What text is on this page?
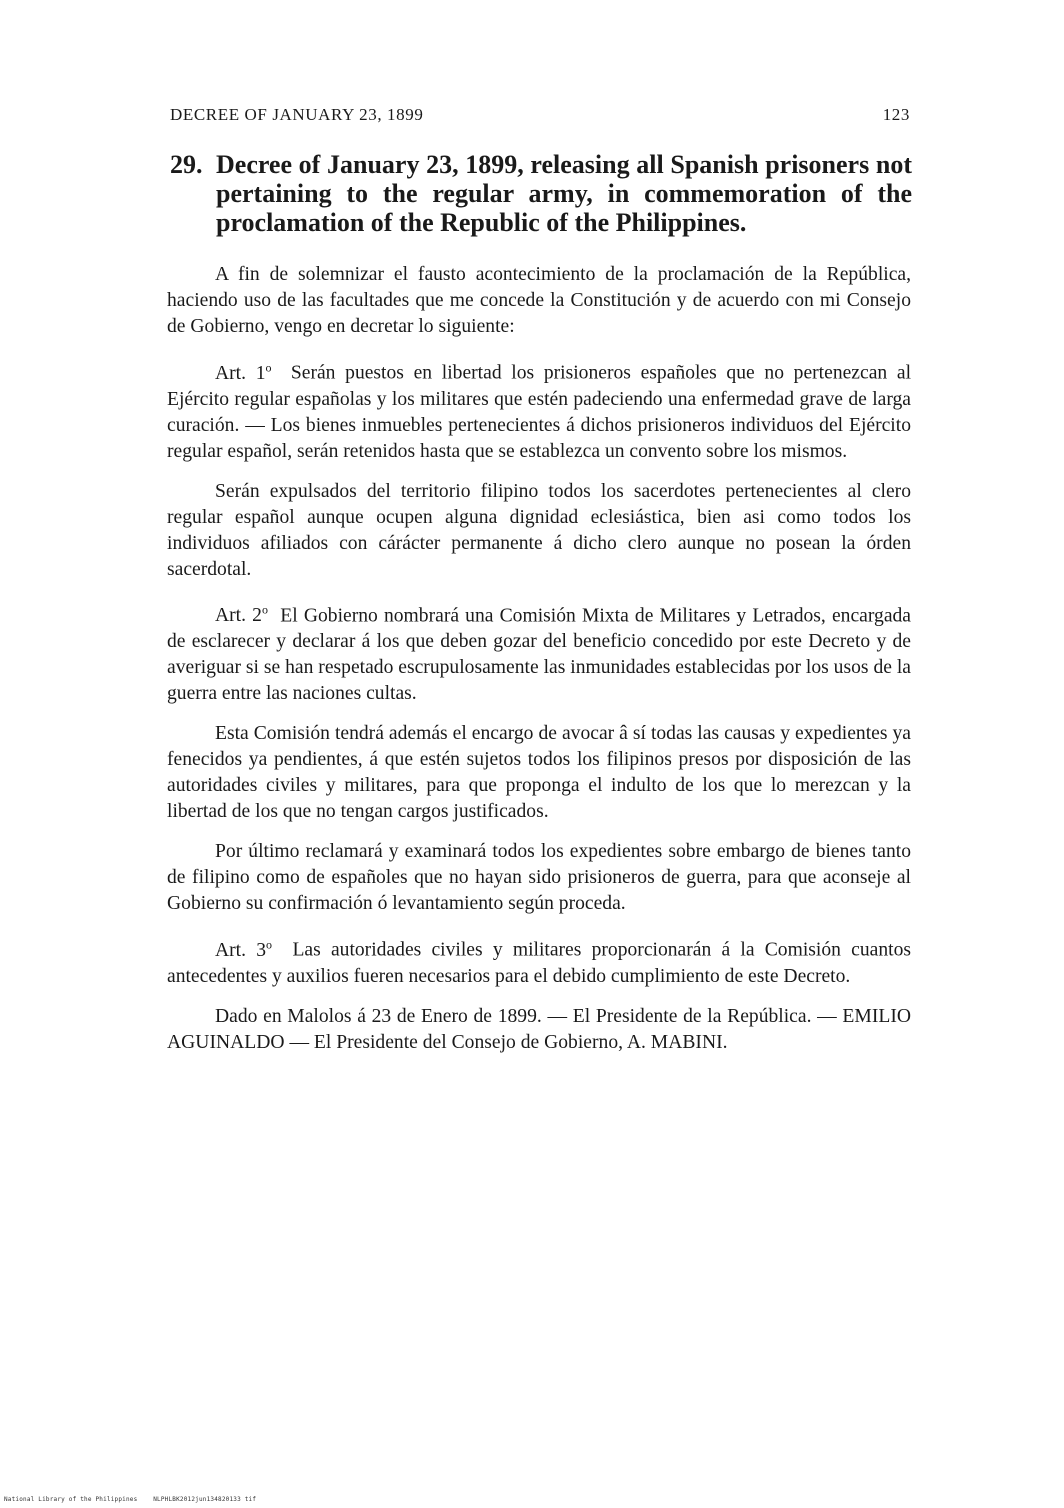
DECREE OF JANUARY 23, 1899	123
29. Decree of January 23, 1899, releasing all Spanish prisoners not pertaining to the regular army, in commemoration of the proclamation of the Republic of the Philippines.

A fin de solemnizar el fausto acontecimiento de la proclamación de la República, haciendo uso de las facultades que me concede la Constitución y de acuerdo con mi Consejo de Gobierno, vengo en decretar lo siguiente:

Art. 1$^o$ Serán puestos en libertad los prisioneros españoles que no pertenezcan al Ejército regular españolas y los militares que estén padeciendo una enfermedad grave de larga curación. — Los bienes inmuebles pertenecientes á dichos prisioneros individuos del Ejército regular español, serán retenidos hasta que se establezca un convento sobre los mismos.

Serán expulsados del territorio filipino todos los sacerdotes pertenecientes al clero regular español aunque ocupen alguna dignidad eclesiástica, bien asi como todos los individuos afiliados con cárácter permanente á dicho clero aunque no posean la órden sacerdotal.

Art. 2$^o$ El Gobierno nombrará una Comisión Mixta de Militares y Letrados, encargada de esclarecer y declarar á los que deben gozar del beneficio concedido por este Decreto y de averiguar si se han respetado escrupulosamente las inmunidades establecidas por los usos de la guerra entre las naciones cultas.

Esta Comisión tendrá además el encargo de avocar â sí todas las causas y expedientes ya fenecidos ya pendientes, á que estén sujetos todos los filipinos presos por disposición de las autoridades civiles y militares, para que proponga el indulto de los que lo merezcan y la libertad de los que no tengan cargos justificados.

Por último reclamará y examinará todos los expedientes sobre embargo de bienes tanto de filipino como de españoles que no hayan sido prisioneros de guerra, para que aconseje al Gobierno su confirmación ó levantamiento según proceda.

Art. 3$^o$ Las autoridades civiles y militares proporcionarán á la Comisión cuantos antecedentes y auxilios fueren necesarios para el debido cumplimiento de este Decreto.

Dado en Malolos á 23 de Enero de 1899. — El Presidente de la República. — EMILIO AGUINALDO — El Presidente del Consejo de Gobierno, A. MABINI.

National Library of the Philippines	NLPHLBK2012jun134820133 tif
